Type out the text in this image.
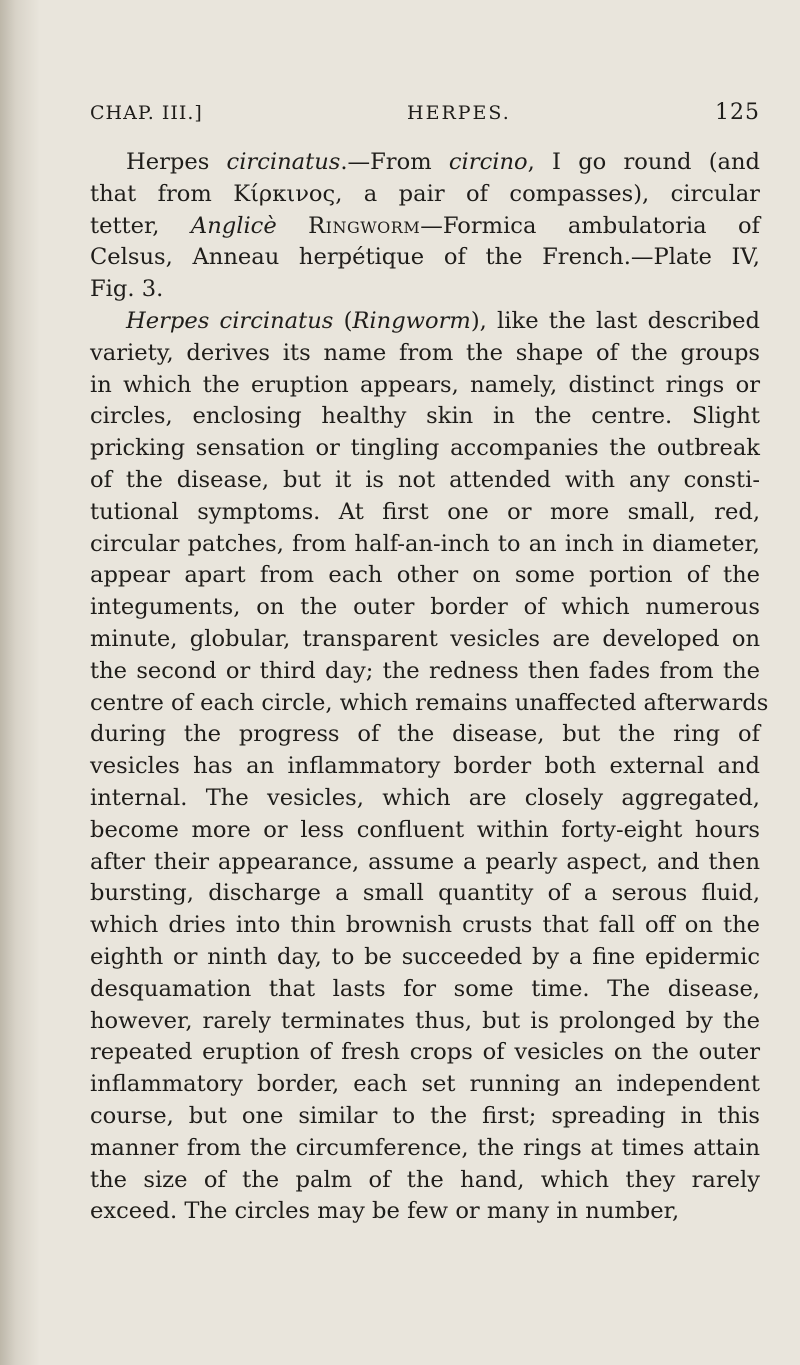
CHAP. III.]	HERPES.	125

Herpes circinatus.—From circino, I go round (and
that from Κίρκινος, a pair of compasses), circular
tetter, Anglicè Ringworm—Formica ambulatoria of
Celsus, Anneau herpétique of the French.—Plate IV,
Fig. 3.

Herpes circinatus (Ringworm), like the last described
variety, derives its name from the shape of the groups
in which the eruption appears, namely, distinct rings or
circles, enclosing healthy skin in the centre. Slight
pricking sensation or tingling accompanies the outbreak
of the disease, but it is not attended with any consti-
tutional symptoms. At first one or more small, red,
circular patches, from half-an-inch to an inch in diameter,
appear apart from each other on some portion of the
integuments, on the outer border of which numerous
minute, globular, transparent vesicles are developed on
the second or third day; the redness then fades from the
centre of each circle, which remains unaffected afterwards
during the progress of the disease, but the ring of
vesicles has an inflammatory border both external and
internal. The vesicles, which are closely aggregated,
become more or less confluent within forty-eight hours
after their appearance, assume a pearly aspect, and then
bursting, discharge a small quantity of a serous fluid,
which dries into thin brownish crusts that fall off on the
eighth or ninth day, to be succeeded by a fine epidermic
desquamation that lasts for some time. The disease,
however, rarely terminates thus, but is prolonged by the
repeated eruption of fresh crops of vesicles on the outer
inflammatory border, each set running an independent
course, but one similar to the first; spreading in this
manner from the circumference, the rings at times attain
the size of the palm of the hand, which they rarely
exceed. The circles may be few or many in number,
